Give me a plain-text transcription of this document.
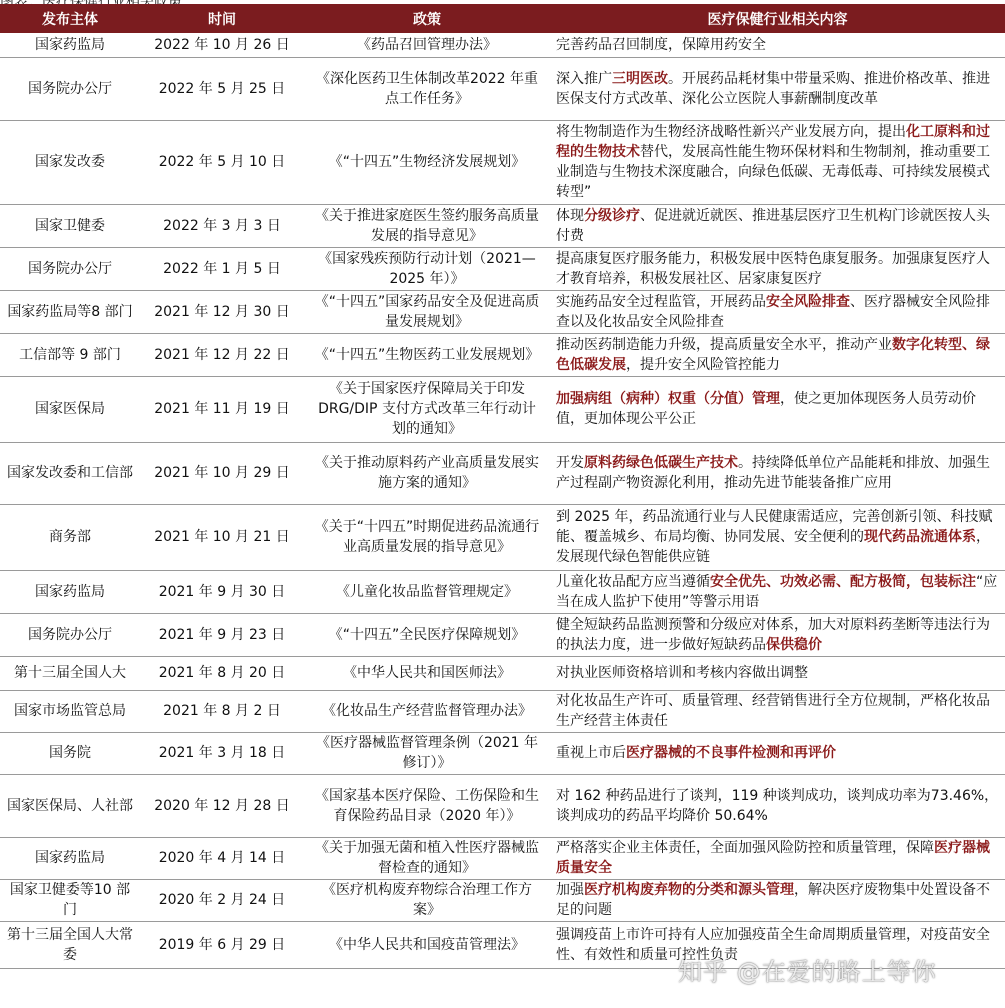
发布主体	时间	政策	医疗保健行业相关内容
国家药监局	2022 年 10 月 26 日	《药品召回管理办法》	完善药品召回制度，保障用药安全
国务院办公厅	2022 年 5 月 25 日	《深化医药卫生体制改革2022 年重点工作任务》	深入推广三明医改。开展药品耗材集中带量采购、推进价格改革、推进医保支付方式改革、深化公立医院人事薪酬制度改革
国家发改委	2022 年 5 月 10 日	《“十四五”生物经济发展规划》	将生物制造作为生物经济战略性新兴产业发展方向，提出化工原料和过程的生物技术替代，发展高性能生物环保材料和生物制剂，推动重要工业制造与生物技术深度融合，向绿色低碳、无毒低毒、可持续发展模式转型”
国家卫健委	2022 年 3 月 3 日	《关于推进家庭医生签约服务高质量发展的指导意见》	体现分级诊疗、促进就近就医、推进基层医疗卫生机构门诊就医按人头付费
国务院办公厅	2022 年 1 月 5 日	《国家残疾预防行动计划（2021—2025 年）》	提高康复医疗服务能力，积极发展中医特色康复服务。加强康复医疗人才教育培养，积极发展社区、居家康复医疗
国家药监局等8 部门	2021 年 12 月 30 日	《“十四五”国家药品安全及促进高质量发展规划》	实施药品安全过程监管，开展药品安全风险排查、医疗器械安全风险排查以及化妆品安全风险排查
工信部等 9 部门	2021 年 12 月 22 日	《“十四五”生物医药工业发展规划》	推动医药制造能力升级，提高质量安全水平，推动产业数字化转型、绿色低碳发展，提升安全风险管控能力
国家医保局	2021 年 11 月 19 日	《关于国家医疗保障局关于印发 DRG/DIP 支付方式改革三年行动计划的通知》	加强病组（病种）权重（分值）管理，使之更加体现医务人员劳动价值，更加体现公平公正
国家发改委和工信部	2021 年 10 月 29 日	《关于推动原料药产业高质量发展实施方案的通知》	开发原料药绿色低碳生产技术。持续降低单位产品能耗和排放、加强生产过程副产物资源化利用，推动先进节能装备推广应用
商务部	2021 年 10 月 21 日	《关于“十四五”时期促进药品流通行业高质量发展的指导意见》	到 2025 年，药品流通行业与人民健康需适应，完善创新引领、科技赋能、覆盖城乡、布局均衡、协同发展、安全便利的现代药品流通体系，发展现代绿色智能供应链
国家药监局	2021 年 9 月 30 日	《儿童化妆品监督管理规定》	儿童化妆品配方应当遵循安全优先、功效必需、配方极简，包装标注“应当在成人监护下使用”等警示用语
国务院办公厅	2021 年 9 月 23 日	《“十四五”全民医疗保障规划》	健全短缺药品监测预警和分级应对体系，加大对原料药垄断等违法行为的执法力度，进一步做好短缺药品保供稳价
第十三届全国人大	2021 年 8 月 20 日	《中华人民共和国医师法》	对执业医师资格培训和考核内容做出调整
国家市场监管总局	2021 年 8 月 2 日	《化妆品生产经营监督管理办法》	对化妆品生产许可、质量管理、经营销售进行全方位规制，严格化妆品生产经营主体责任
国务院	2021 年 3 月 18 日	《医疗器械监督管理条例（2021 年修订）》	重视上市后医疗器械的不良事件检测和再评价
国家医保局、人社部	2020 年 12 月 28 日	《国家基本医疗保险、工伤保险和生育保险药品目录（2020 年）》	对 162 种药品进行了谈判，119 种谈判成功，谈判成功率为73.46%，谈判成功的药品平均降价 50.64%
国家药监局	2020 年 4 月 14 日	《关于加强无菌和植入性医疗器械监督检查的通知》	严格落实企业主体责任，全面加强风险防控和质量管理，保障医疗器械质量安全
国家卫健委等10 部门	2020 年 2 月 24 日	《医疗机构废弃物综合治理工作方案》	加强医疗机构废弃物的分类和源头管理，解决医疗废物集中处置设备不足的问题
第十三届全国人大常委	2019 年 6 月 29 日	《中华人民共和国疫苗管理法》	强调疫苗上市许可持有人应加强疫苗全生命周期质量管理，对疫苗安全性、有效性和质量可控性负责
知乎 @在爱的路上等你
